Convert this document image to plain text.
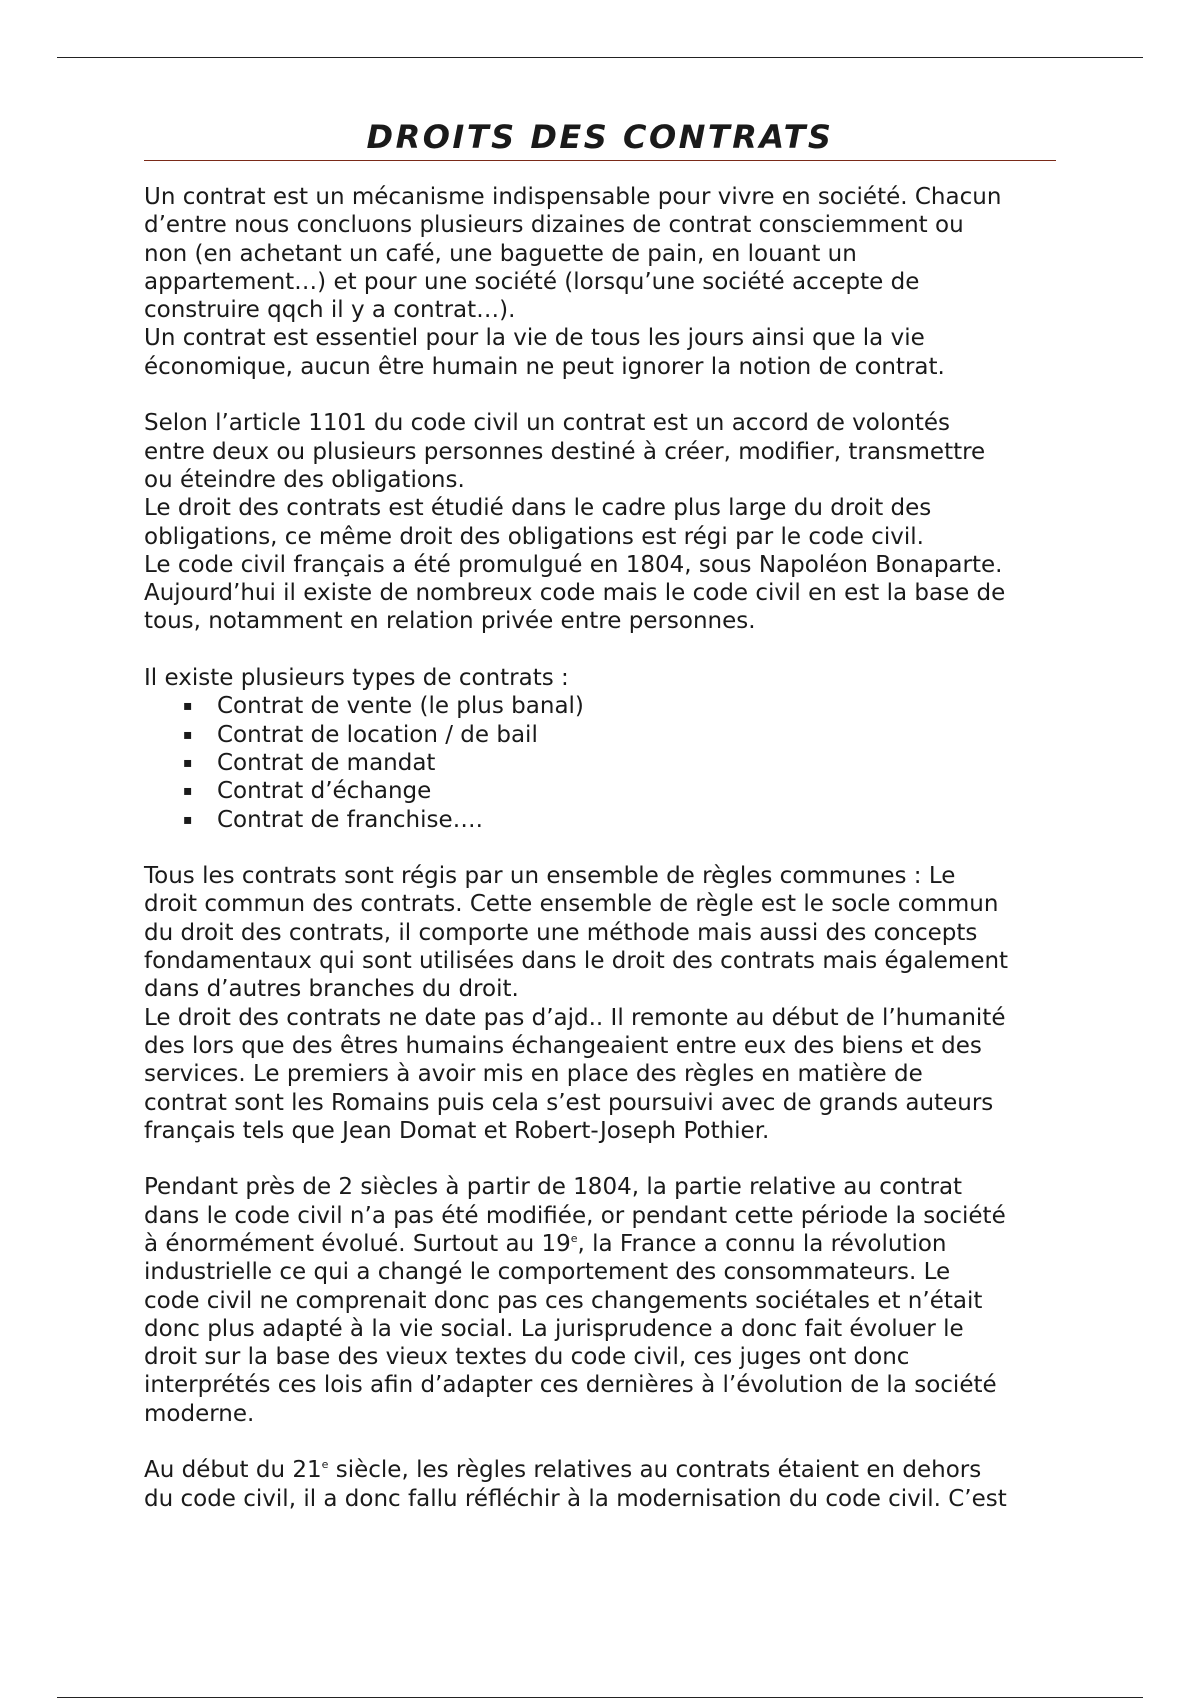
DROITS DES CONTRATS
Un contrat est un mécanisme indispensable pour vivre en société. Chacun
d’entre nous concluons plusieurs dizaines de contrat consciemment ou
non (en achetant un café, une baguette de pain, en louant un
appartement…) et pour une société (lorsqu’une société accepte de
construire qqch il y a contrat…).
Un contrat est essentiel pour la vie de tous les jours ainsi que la vie
économique, aucun être humain ne peut ignorer la notion de contrat.
Selon l’article 1101 du code civil un contrat est un accord de volontés
entre deux ou plusieurs personnes destiné à créer, modifier, transmettre
ou éteindre des obligations.
Le droit des contrats est étudié dans le cadre plus large du droit des
obligations, ce même droit des obligations est régi par le code civil.
Le code civil français a été promulgué en 1804, sous Napoléon Bonaparte.
Aujourd’hui il existe de nombreux code mais le code civil en est la base de
tous, notamment en relation privée entre personnes.
Il existe plusieurs types de contrats :
▪ Contrat de vente (le plus banal)
▪ Contrat de location / de bail
▪ Contrat de mandat
▪ Contrat d’échange
▪ Contrat de franchise….
Tous les contrats sont régis par un ensemble de règles communes : Le
droit commun des contrats. Cette ensemble de règle est le socle commun
du droit des contrats, il comporte une méthode mais aussi des concepts
fondamentaux qui sont utilisées dans le droit des contrats mais également
dans d’autres branches du droit.
Le droit des contrats ne date pas d’ajd.. Il remonte au début de l’humanité
des lors que des êtres humains échangeaient entre eux des biens et des
services. Le premiers à avoir mis en place des règles en matière de
contrat sont les Romains puis cela s’est poursuivi avec de grands auteurs
français tels que Jean Domat et Robert-Joseph Pothier.
Pendant près de 2 siècles à partir de 1804, la partie relative au contrat
dans le code civil n’a pas été modifiée, or pendant cette période la société
à énormément évolué. Surtout au 19e, la France a connu la révolution
industrielle ce qui a changé le comportement des consommateurs. Le
code civil ne comprenait donc pas ces changements sociétales et n’était
donc plus adapté à la vie social. La jurisprudence a donc fait évoluer le
droit sur la base des vieux textes du code civil, ces juges ont donc
interprétés ces lois afin d’adapter ces dernières à l’évolution de la société
moderne.
Au début du 21e siècle, les règles relatives au contrats étaient en dehors
du code civil, il a donc fallu réfléchir à la modernisation du code civil. C’est
